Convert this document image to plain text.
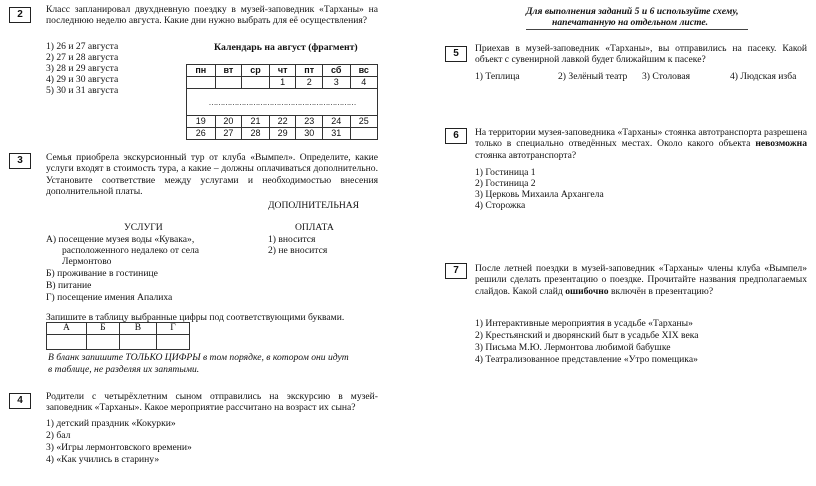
2	Класс запланировал двухдневную поездку в музей-заповедник «Тарханы» на последнюю неделю августа. Какие дни нужно выбрать для её осуществления?
1) 26 и 27 августа
2) 27 и 28 августа
3) 28 и 29 августа
4) 29 и 30 августа
5) 30 и 31 августа
Календарь на август (фрагмент)
пн	вт	ср	чт	пт	сб	вс
			1	2	3	4
………………………………………………………						
19	20	21	22	23	24	25
26	27	28	29	30	31	
3	Семья приобрела экскурсионный тур от клуба «Вымпел». Определите, какие услуги входят в стоимость тура, а какие – должны оплачиваться дополнительно. Установите соответствие между услугами и необходимостью внесения дополнительной платы.
ДОПОЛНИТЕЛЬНАЯ
УСЛУГИ	ОПЛАТА
А) посещение музея воды «Кувака»,
расположенного недалеко от села
Лермонтово
Б) проживание в гостинице
В) питание
Г) посещение имения Апалиха
1) вносится
2) не вносится
Запишите в таблицу выбранные цифры под соответствующими буквами.
А	Б	В	Г

В бланк запишите ТОЛЬКО ЦИФРЫ в том порядке, в котором они идут
в таблице, не разделяя их запятыми.
4	Родители с четырёхлетним сыном отправились на экскурсию в музей-заповедник «Тарханы». Какое мероприятие рассчитано на возраст их сына?
1) детский праздник «Кокурки»
2) бал
3) «Игры лермонтовского времени»
4) «Как учились в старину»
Для выполнения заданий 5 и 6 используйте схему,
напечатанную на отдельном листе.
5	Приехав в музей-заповедник «Тарханы», вы отправились на пасеку. Какой объект с сувенирной лавкой будет ближайшим к пасеке?
1) Теплица	2) Зелёный театр 3) Столовая	4) Людская изба
6	На территории музея-заповедника «Тарханы» стоянка автотранспорта разрешена только в специально отведённых местах. Около какого объекта невозможна стоянка автотранспорта?
1) Гостиница 1
2) Гостиница 2
3) Церковь Михаила Архангела
4) Сторожка
7	После летней поездки в музей-заповедник «Тарханы» члены клуба «Вымпел» решили сделать презентацию о поездке. Прочитайте названия предполагаемых слайдов. Какой слайд ошибочно включён в презентацию?
1) Интерактивные мероприятия в усадьбе «Тарханы»
2) Крестьянский и дворянский быт в усадьбе XIX века
3) Письма М.Ю. Лермонтова любимой бабушке
4) Театрализованное представление «Утро помещика»
